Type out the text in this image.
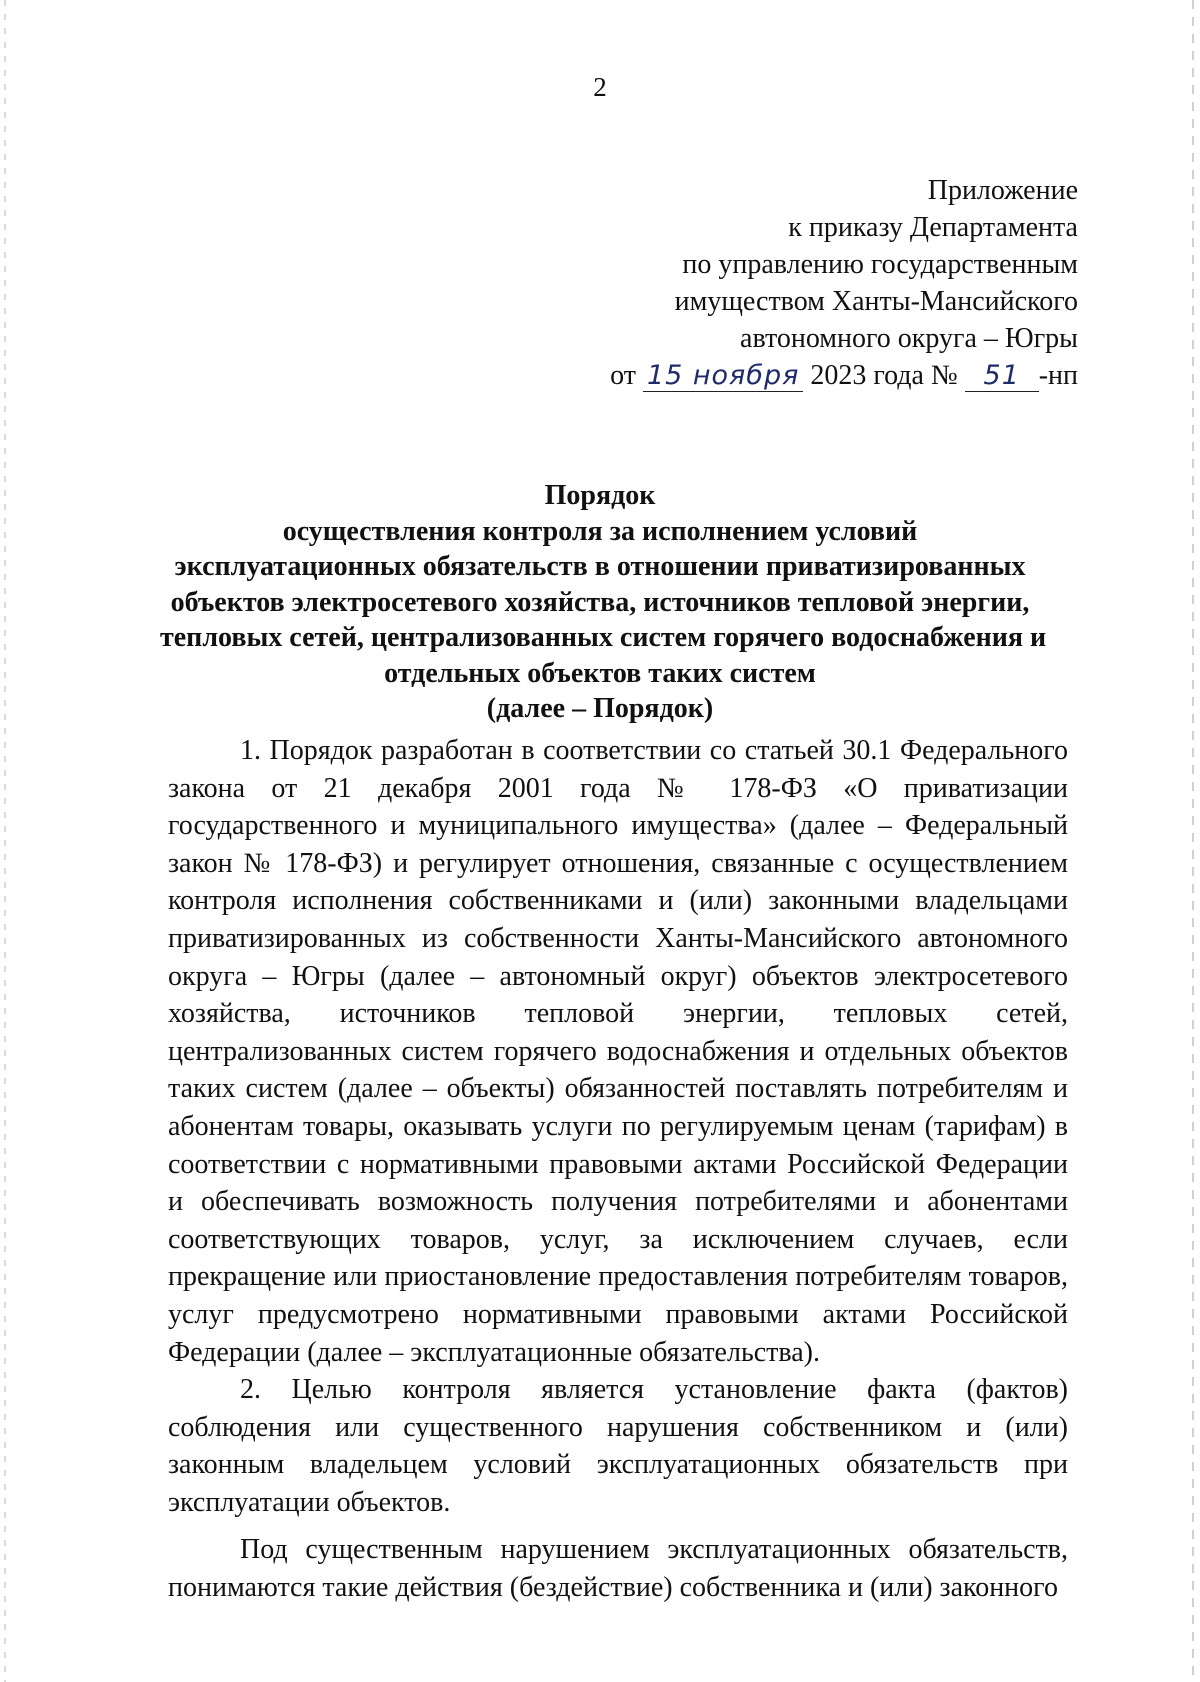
2
Приложение
к приказу Департамента
по управлению государственным
имуществом Ханты-Мансийского
автономного округа – Югры
от 15 ноября 2023 года № 51 -нп
Порядок
осуществления контроля за исполнением условий
эксплуатационных обязательств в отношении приватизированных
объектов электросетевого хозяйства, источников тепловой энергии,
тепловых сетей, централизованных систем горячего водоснабжения и
отдельных объектов таких систем
(далее – Порядок)

1. Порядок разработан в соответствии со статьей 30.1 Федерального закона от 21 декабря 2001 года № 178-ФЗ «О приватизации государственного и муниципального имущества» (далее – Федеральный закон № 178-ФЗ) и регулирует отношения, связанные с осуществлением контроля исполнения собственниками и (или) законными владельцами приватизированных из собственности Ханты-Мансийского автономного округа – Югры (далее – автономный округ) объектов электросетевого хозяйства, источников тепловой энергии, тепловых сетей, централизованных систем горячего водоснабжения и отдельных объектов таких систем (далее – объекты) обязанностей поставлять потребителям и абонентам товары, оказывать услуги по регулируемым ценам (тарифам) в соответствии с нормативными правовыми актами Российской Федерации и обеспечивать возможность получения потребителями и абонентами соответствующих товаров, услуг, за исключением случаев, если прекращение или приостановление предоставления потребителям товаров, услуг предусмотрено нормативными правовыми актами Российской Федерации (далее – эксплуатационные обязательства).

2. Целью контроля является установление факта (фактов) соблюдения или существенного нарушения собственником и (или) законным владельцем условий эксплуатационных обязательств при эксплуатации объектов.

Под существенным нарушением эксплуатационных обязательств, понимаются такие действия (бездействие) собственника и (или) законного
